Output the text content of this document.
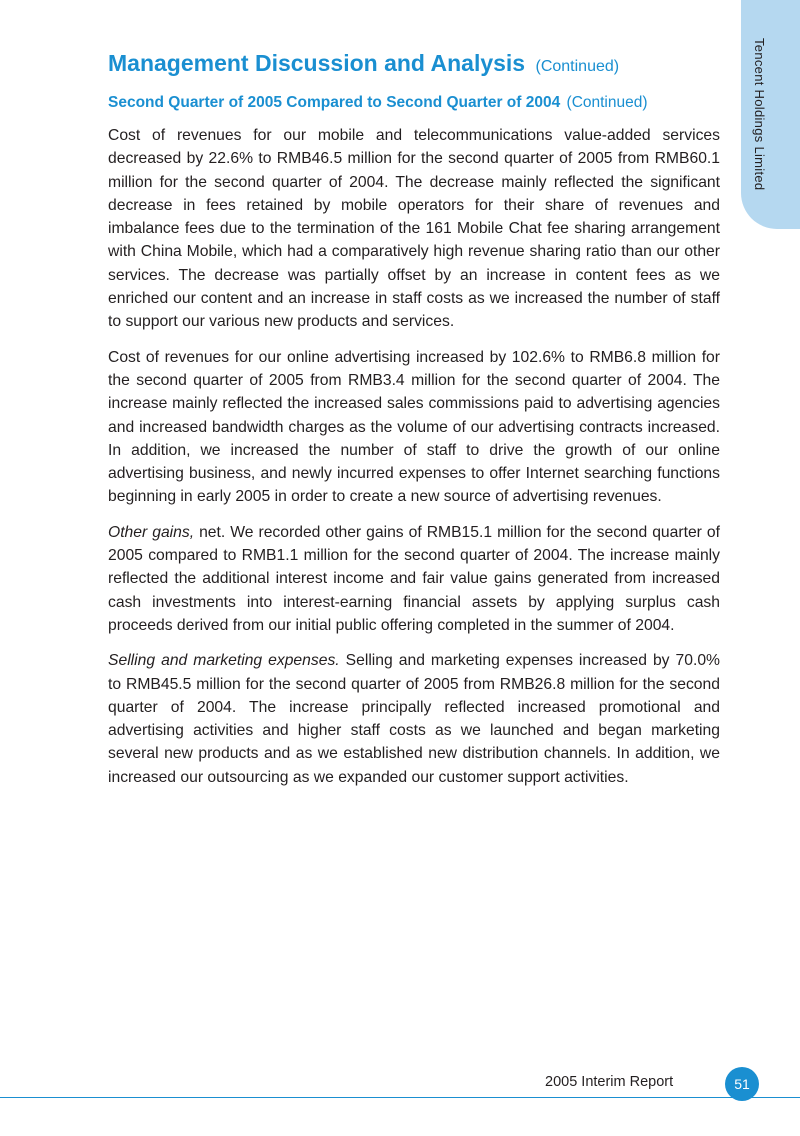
Tencent Holdings Limited
Management Discussion and Analysis (Continued)
Second Quarter of 2005 Compared to Second Quarter of 2004 (Continued)

Cost of revenues for our mobile and telecommunications value-added services decreased by 22.6% to RMB46.5 million for the second quarter of 2005 from RMB60.1 million for the second quarter of 2004. The decrease mainly reflected the significant decrease in fees retained by mobile operators for their share of revenues and imbalance fees due to the termination of the 161 Mobile Chat fee sharing arrangement with China Mobile, which had a comparatively high revenue sharing ratio than our other services. The decrease was partially offset by an increase in content fees as we enriched our content and an increase in staff costs as we increased the number of staff to support our various new products and services.

Cost of revenues for our online advertising increased by 102.6% to RMB6.8 million for the second quarter of 2005 from RMB3.4 million for the second quarter of 2004. The increase mainly reflected the increased sales commissions paid to advertising agencies and increased bandwidth charges as the volume of our advertising contracts increased. In addition, we increased the number of staff to drive the growth of our online advertising business, and newly incurred expenses to offer Internet searching functions beginning in early 2005 in order to create a new source of advertising revenues.

Other gains, net. We recorded other gains of RMB15.1 million for the second quarter of 2005 compared to RMB1.1 million for the second quarter of 2004. The increase mainly reflected the additional interest income and fair value gains generated from increased cash investments into interest-earning financial assets by applying surplus cash proceeds derived from our initial public offering completed in the summer of 2004.

Selling and marketing expenses. Selling and marketing expenses increased by 70.0% to RMB45.5 million for the second quarter of 2005 from RMB26.8 million for the second quarter of 2004. The increase principally reflected increased promotional and advertising activities and higher staff costs as we launched and began marketing several new products and as we established new distribution channels. In addition, we increased our outsourcing as we expanded our customer support activities.

2005 Interim Report	51
